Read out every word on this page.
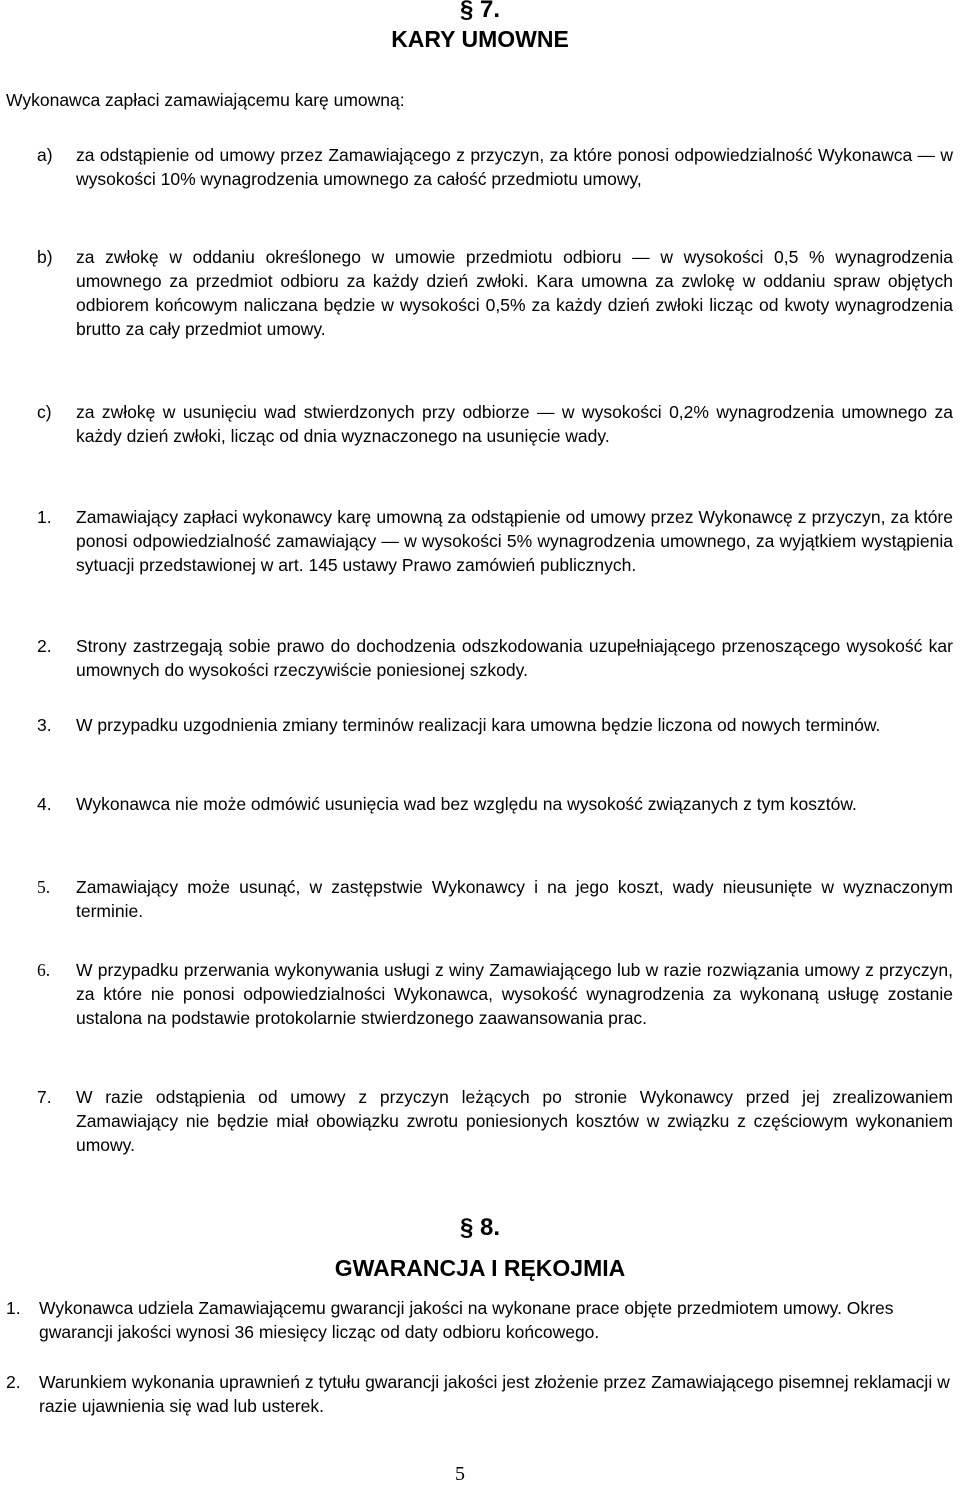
§ 7.
KARY UMOWNE
Wykonawca zapłaci zamawiającemu karę umowną:
a) za odstąpienie od umowy przez Zamawiającego z przyczyn, za które ponosi odpowiedzialność Wykonawca — w wysokości 10% wynagrodzenia umownego za całość przedmiotu umowy,
b) za zwłokę w oddaniu określonego w umowie przedmiotu odbioru — w wysokości 0,5 % wynagrodzenia umownego za przedmiot odbioru za każdy dzień zwłoki. Kara umowna za zwlokę w oddaniu spraw objętych odbiorem końcowym naliczana będzie w wysokości 0,5% za każdy dzień zwłoki licząc od kwoty wynagrodzenia brutto za cały przedmiot umowy.
c) za zwłokę w usunięciu wad stwierdzonych przy odbiorze — w wysokości 0,2% wynagrodzenia umownego za każdy dzień zwłoki, licząc od dnia wyznaczonego na usunięcie wady.
1. Zamawiający zapłaci wykonawcy karę umowną za odstąpienie od umowy przez Wykonawcę z przyczyn, za które ponosi odpowiedzialność zamawiający — w wysokości 5% wynagrodzenia umownego, za wyjątkiem wystąpienia sytuacji przedstawionej w art. 145 ustawy Prawo zamówień publicznych.
2. Strony zastrzegają sobie prawo do dochodzenia odszkodowania uzupełniającego przenoszącego wysokość kar umownych do wysokości rzeczywiście poniesionej szkody.
3. W przypadku uzgodnienia zmiany terminów realizacji kara umowna będzie liczona od nowych terminów.
4. Wykonawca nie może odmówić usunięcia wad bez względu na wysokość związanych z tym kosztów.
5. Zamawiający może usunąć, w zastępstwie Wykonawcy i na jego koszt, wady nieusunięte w wyznaczonym terminie.
6. W przypadku przerwania wykonywania usługi z winy Zamawiającego lub w razie rozwiązania umowy z przyczyn, za które nie ponosi odpowiedzialności Wykonawca, wysokość wynagrodzenia za wykonaną usługę zostanie ustalona na podstawie protokolarnie stwierdzonego zaawansowania prac.
7. W razie odstąpienia od umowy z przyczyn leżących po stronie Wykonawcy przed jej zrealizowaniem Zamawiający nie będzie miał obowiązku zwrotu poniesionych kosztów w związku z częściowym wykonaniem umowy.
§ 8.
GWARANCJA I RĘKOJMIA
1. Wykonawca udziela Zamawiającemu gwarancji jakości na wykonane prace objęte przedmiotem umowy. Okres gwarancji jakości wynosi 36 miesięcy licząc od daty odbioru końcowego.
2. Warunkiem wykonania uprawnień z tytułu gwarancji jakości jest złożenie przez Zamawiającego pisemnej reklamacji w razie ujawnienia się wad lub usterek.
5
